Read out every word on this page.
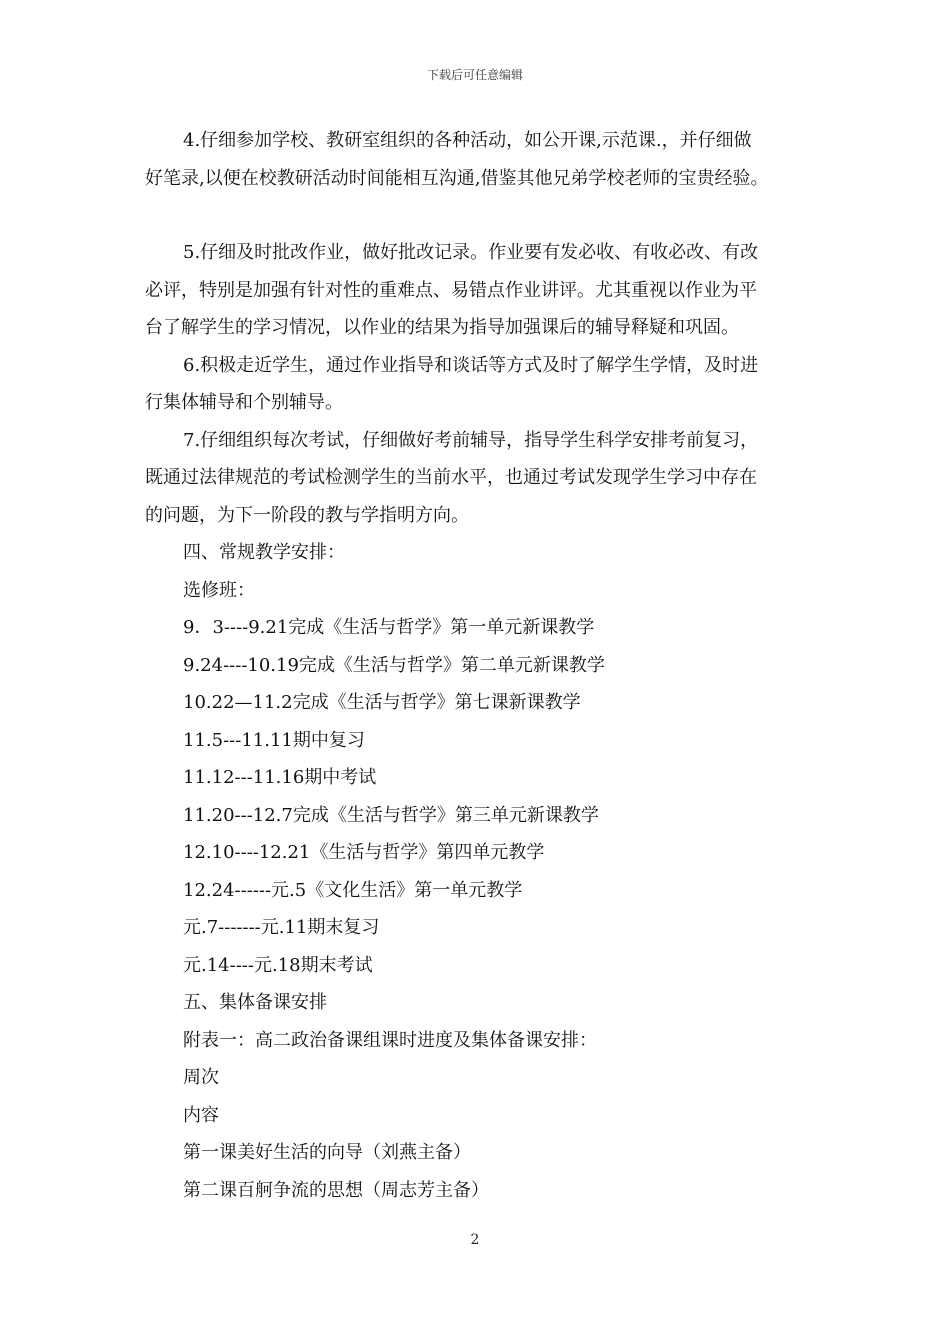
下载后可任意编辑

4.仔细参加学校、教研室组织的各种活动，如公开课,示范课.，并仔细做

好笔录,以便在校教研活动时间能相互沟通,借鉴其他兄弟学校老师的宝贵经验。

5.仔细及时批改作业，做好批改记录。作业要有发必收、有收必改、有改

必评，特别是加强有针对性的重难点、易错点作业讲评。尤其重视以作业为平

台了解学生的学习情况，以作业的结果为指导加强课后的辅导释疑和巩固。

6.积极走近学生，通过作业指导和谈话等方式及时了解学生学情，及时进

行集体辅导和个别辅导。

7.仔细组织每次考试，仔细做好考前辅导，指导学生科学安排考前复习，

既通过法律规范的考试检测学生的当前水平，也通过考试发现学生学习中存在

的问题，为下一阶段的教与学指明方向。

四、常规教学安排：

选修班：

9．3----9.21完成《生活与哲学》第一单元新课教学

9.24----10.19完成《生活与哲学》第二单元新课教学

10.22—11.2完成《生活与哲学》第七课新课教学

11.5---11.11期中复习

11.12---11.16期中考试

11.20---12.7完成《生活与哲学》第三单元新课教学

12.10----12.21《生活与哲学》第四单元教学

12.24------元.5《文化生活》第一单元教学

元.7-------元.11期末复习

元.14----元.18期末考试

五、集体备课安排

附表一：高二政治备课组课时进度及集体备课安排：

周次

内容

第一课美好生活的向导（刘燕主备）

第二课百舸争流的思想（周志芳主备）

2
